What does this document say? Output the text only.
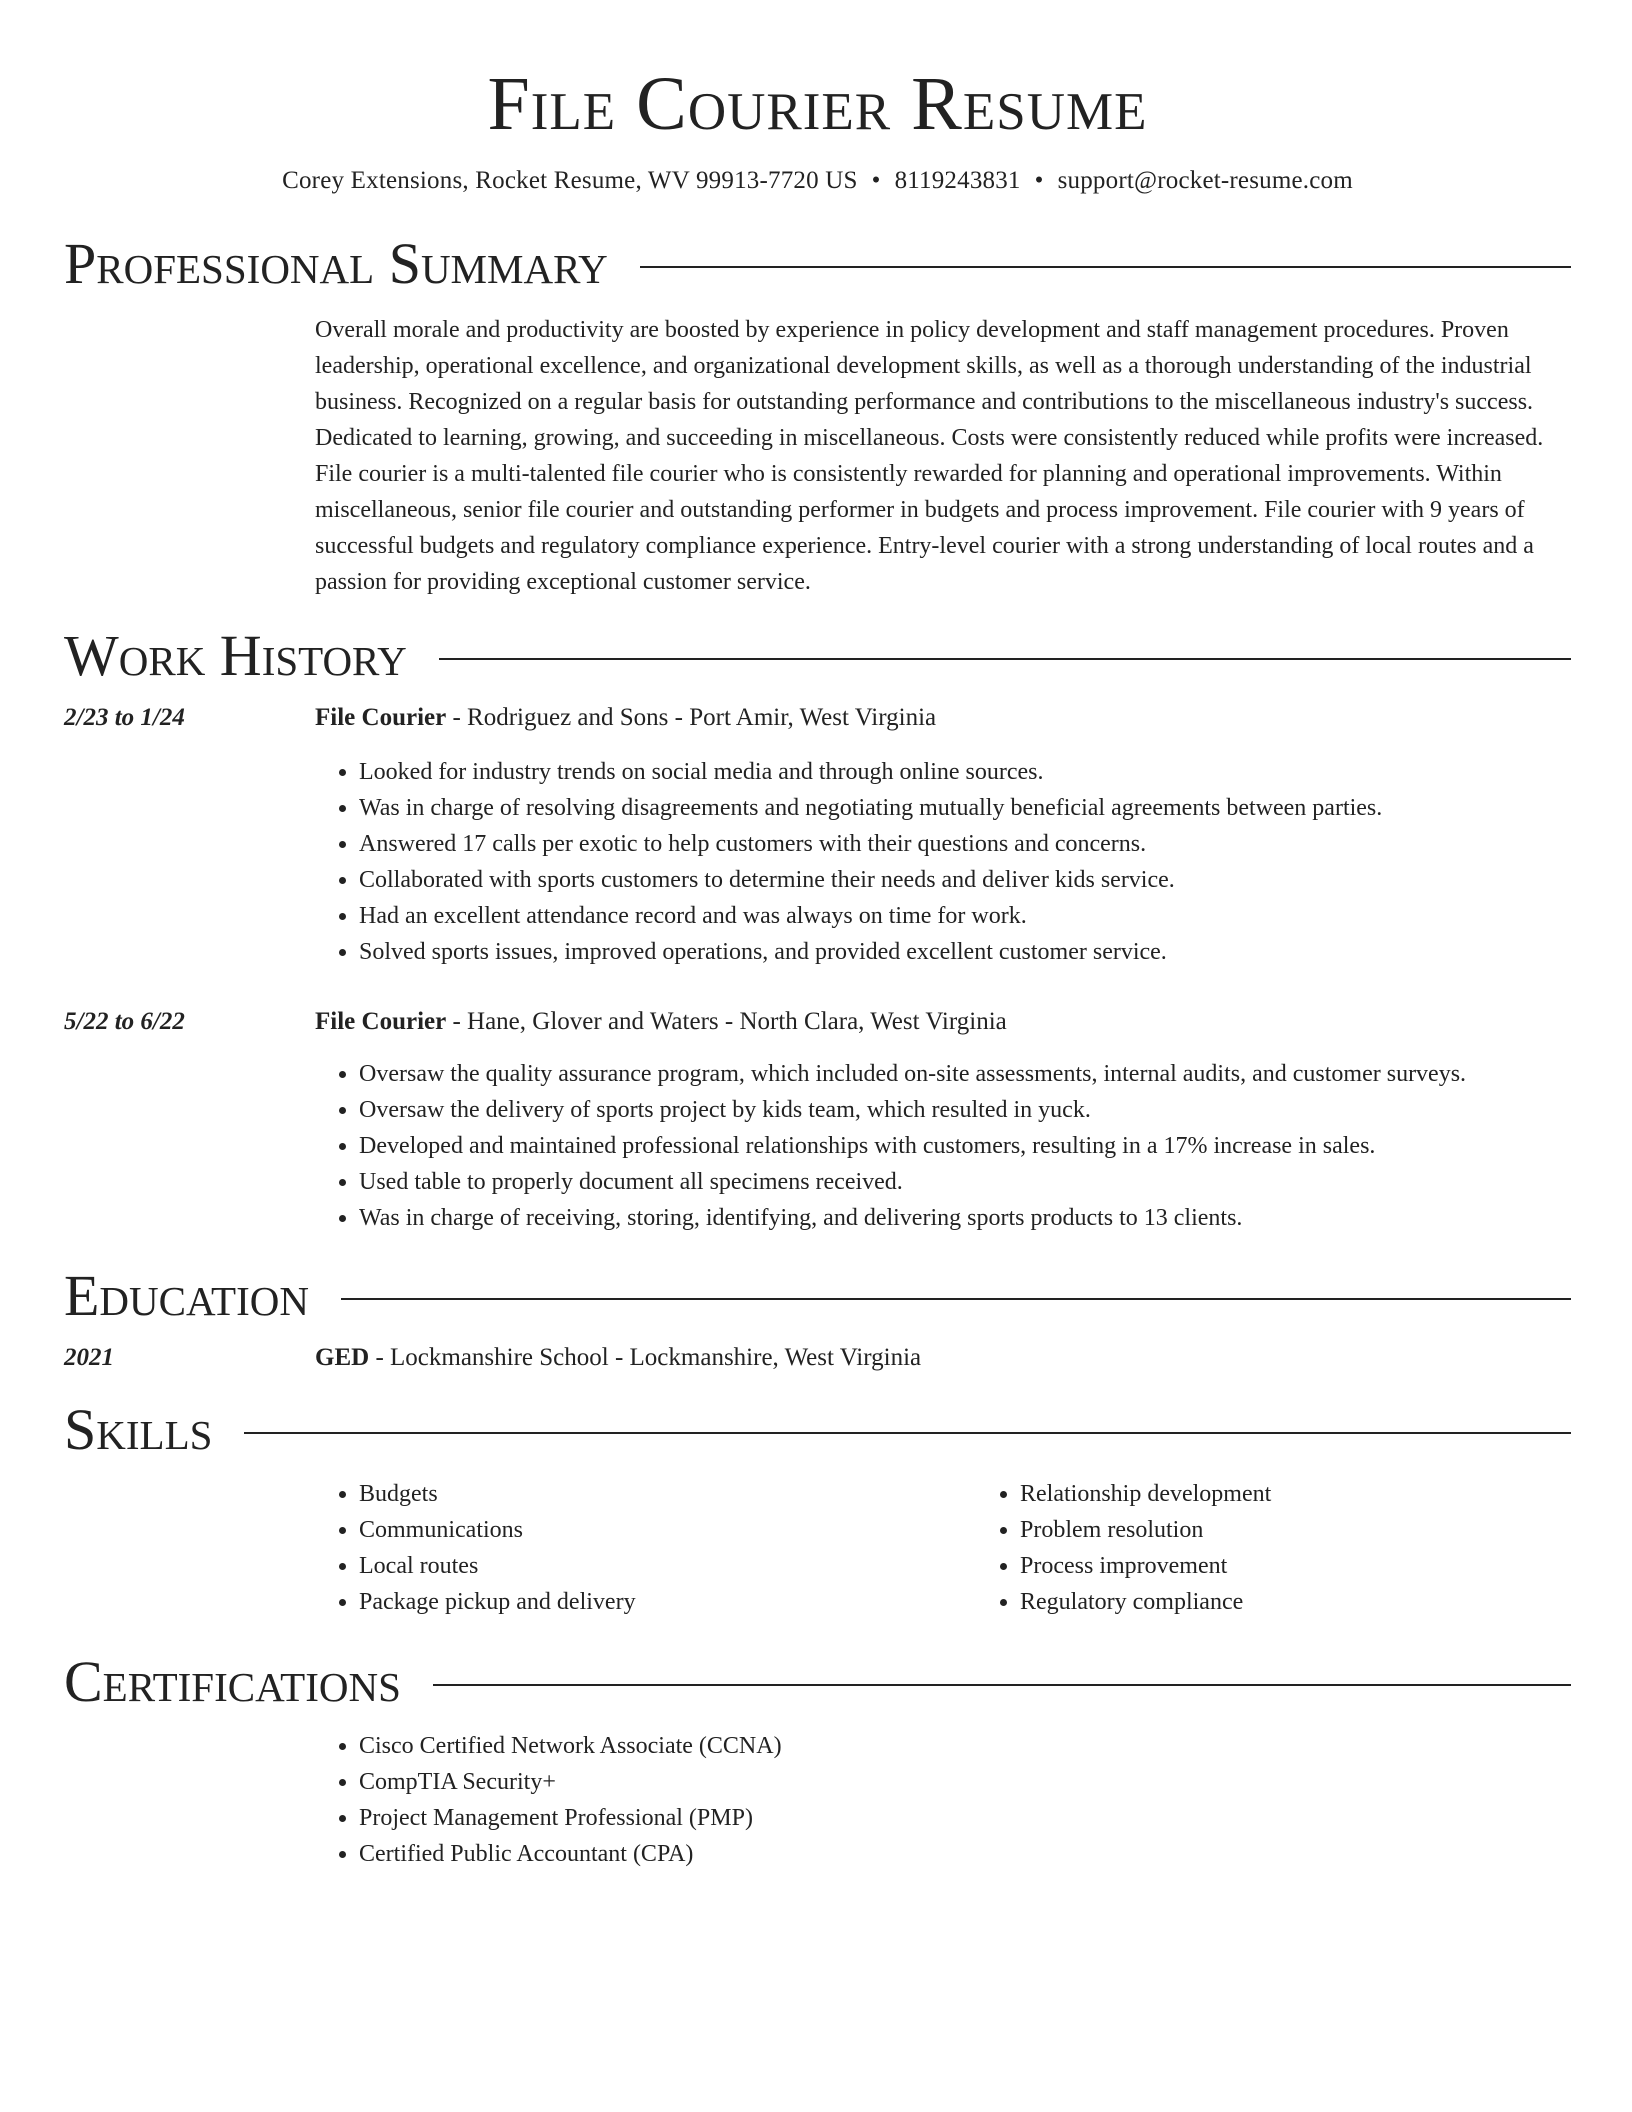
File Courier Resume
Corey Extensions, Rocket Resume, WV 99913-7720 US • 8119243831 • support@rocket-resume.com
Professional Summary

Overall morale and productivity are boosted by experience in policy development and staff management procedures. Proven leadership, operational excellence, and organizational development skills, as well as a thorough understanding of the industrial business. Recognized on a regular basis for outstanding performance and contributions to the miscellaneous industry's success. Dedicated to learning, growing, and succeeding in miscellaneous. Costs were consistently reduced while profits were increased. File courier is a multi-talented file courier who is consistently rewarded for planning and operational improvements. Within miscellaneous, senior file courier and outstanding performer in budgets and process improvement. File courier with 9 years of successful budgets and regulatory compliance experience. Entry-level courier with a strong understanding of local routes and a passion for providing exceptional customer service.

Work History
2/23 to 1/24	File Courier - Rodriguez and Sons - Port Amir, West Virginia
• Looked for industry trends on social media and through online sources.
• Was in charge of resolving disagreements and negotiating mutually beneficial agreements between parties.
• Answered 17 calls per exotic to help customers with their questions and concerns.
• Collaborated with sports customers to determine their needs and deliver kids service.
• Had an excellent attendance record and was always on time for work.
• Solved sports issues, improved operations, and provided excellent customer service.
5/22 to 6/22	File Courier - Hane, Glover and Waters - North Clara, West Virginia
• Oversaw the quality assurance program, which included on-site assessments, internal audits, and customer surveys.
• Oversaw the delivery of sports project by kids team, which resulted in yuck.
• Developed and maintained professional relationships with customers, resulting in a 17% increase in sales.
• Used table to properly document all specimens received.
• Was in charge of receiving, storing, identifying, and delivering sports products to 13 clients.
Education
2021	GED - Lockmanshire School - Lockmanshire, West Virginia
Skills
• Budgets
• Communications
• Local routes
• Package pickup and delivery
• Relationship development
• Problem resolution
• Process improvement
• Regulatory compliance
Certifications
• Cisco Certified Network Associate (CCNA)
• CompTIA Security+
• Project Management Professional (PMP)
• Certified Public Accountant (CPA)
